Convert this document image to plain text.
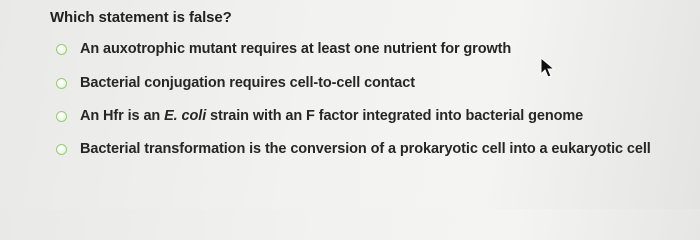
Which statement is false?
An auxotrophic mutant requires at least one nutrient for growth
Bacterial conjugation requires cell-to-cell contact
An Hfr is an E. coli strain with an F factor integrated into bacterial genome
Bacterial transformation is the conversion of a prokaryotic cell into a eukaryotic cell
